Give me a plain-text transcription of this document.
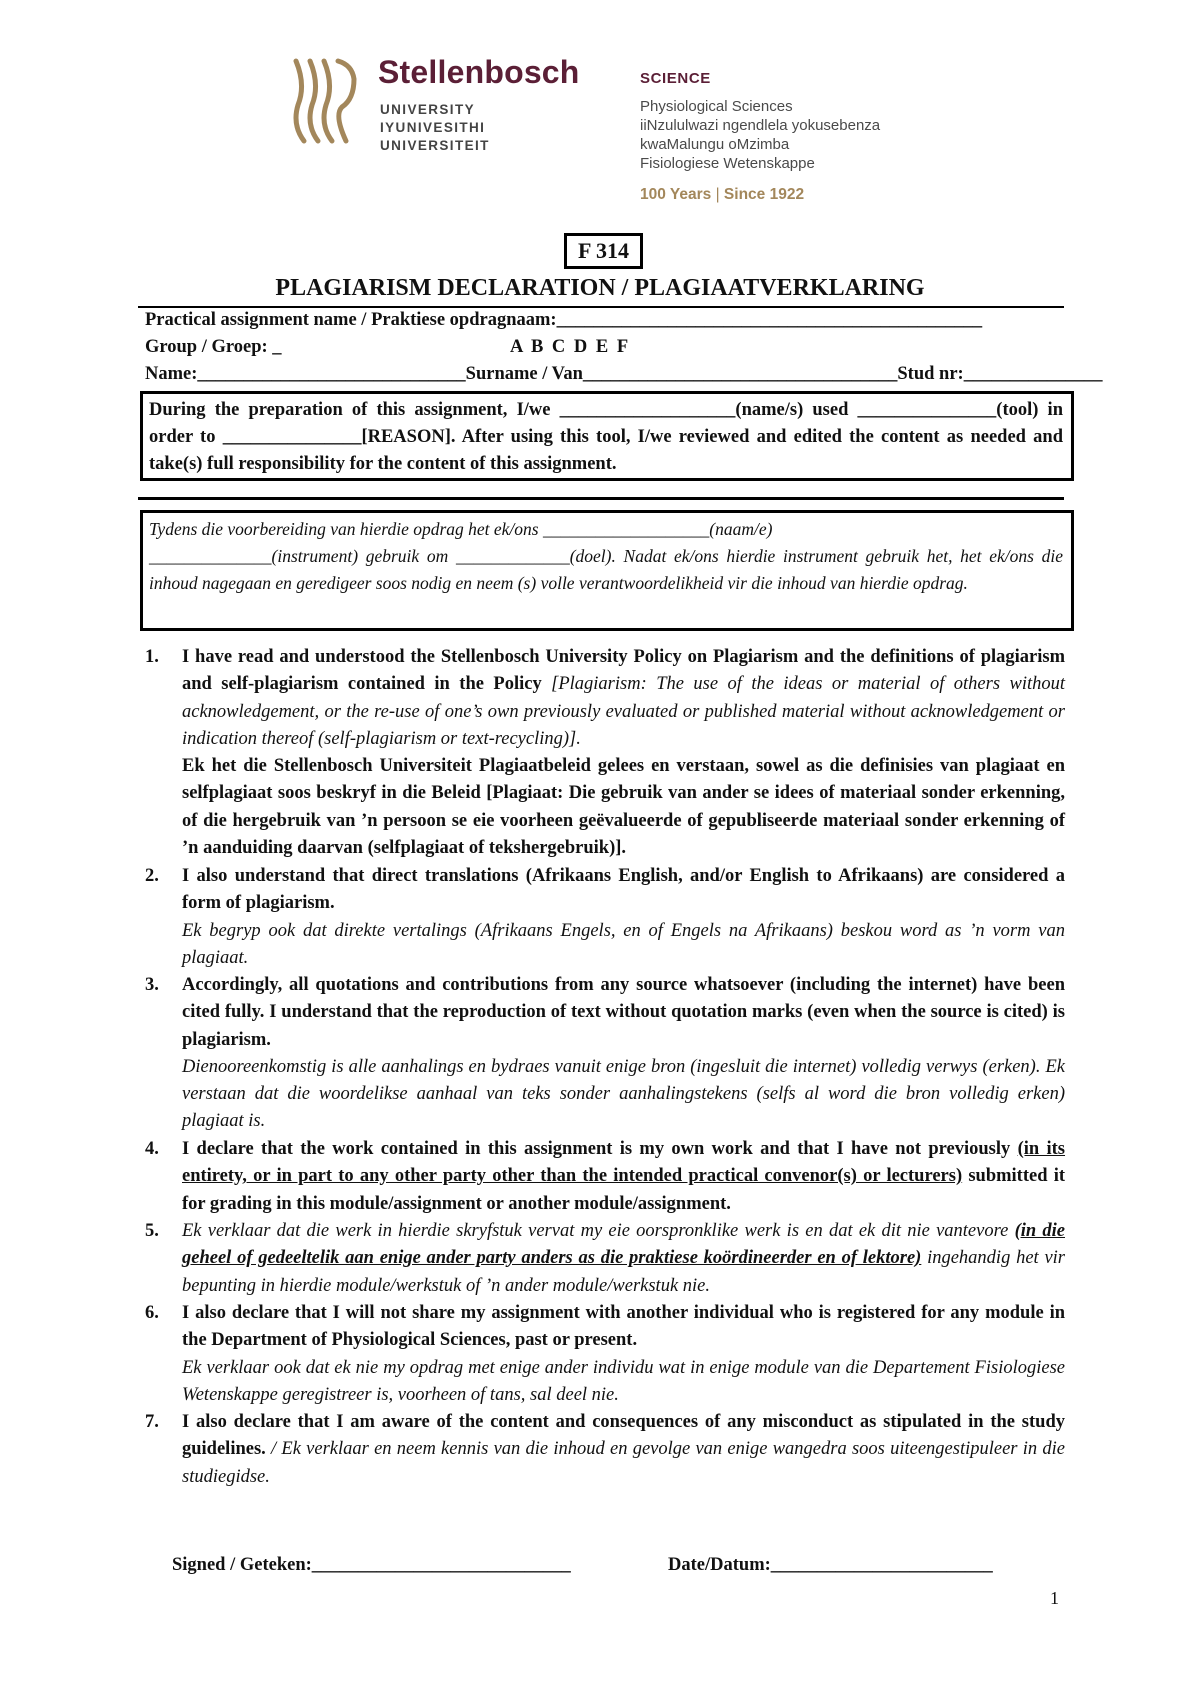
Stellenbosch
UNIVERSITY
IYUNIVESITHI
UNIVERSITEIT
SCIENCE
Physiological Sciences
iiNzululwazi ngendlela yokusebenza
kwaMalungu oMzimba
Fisiologiese Wetenskappe
100 Years | Since 1922
F 314
PLAGIARISM DECLARATION / PLAGIAATVERKLARING
Practical assignment name / Praktiese opdragnaam:______________________________________________
Group / Groep: _	A B C D E F
Name:_____________________________Surname / Van__________________________________Stud nr:_______________
During the preparation of this assignment, I/we ___________________(name/s) used _______________(tool) in order to _______________[REASON]. After using this tool, I/we reviewed and edited the content as needed and take(s) full responsibility for the content of this assignment.
Tydens die voorbereiding van hierdie opdrag het ek/ons ___________________(naam/e)
______________(instrument) gebruik om _____________(doel). Nadat ek/ons hierdie instrument gebruik het, het ek/ons die inhoud nagegaan en geredigeer soos nodig en neem (s) volle verantwoordelikheid vir die inhoud van hierdie opdrag.
1.	I have read and understood the Stellenbosch University Policy on Plagiarism and the definitions of plagiarism and self-plagiarism contained in the Policy [Plagiarism: The use of the ideas or material of others without acknowledgement, or the re-use of one’s own previously evaluated or published material without acknowledgement or indication thereof (self-plagiarism or text-recycling)].
Ek het die Stellenbosch Universiteit Plagiaatbeleid gelees en verstaan, sowel as die definisies van plagiaat en selfplagiaat soos beskryf in die Beleid [Plagiaat: Die gebruik van ander se idees of materiaal sonder erkenning, of die hergebruik van ’n persoon se eie voorheen geëvalueerde of gepubliseerde materiaal sonder erkenning of ’n aanduiding daarvan (selfplagiaat of tekshergebruik)].
2.	I also understand that direct translations (Afrikaans English, and/or English to Afrikaans) are considered a form of plagiarism.
Ek begryp ook dat direkte vertalings (Afrikaans Engels, en of Engels na Afrikaans) beskou word as ’n vorm van plagiaat.
3.	Accordingly, all quotations and contributions from any source whatsoever (including the internet) have been cited fully. I understand that the reproduction of text without quotation marks (even when the source is cited) is plagiarism.
Dienooreenkomstig is alle aanhalings en bydraes vanuit enige bron (ingesluit die internet) volledig verwys (erken). Ek verstaan dat die woordelikse aanhaal van teks sonder aanhalingstekens (selfs al word die bron volledig erken) plagiaat is.
4.	I declare that the work contained in this assignment is my own work and that I have not previously (in its entirety, or in part to any other party other than the intended practical convenor(s) or lecturers) submitted it for grading in this module/assignment or another module/assignment.
5.	Ek verklaar dat die werk in hierdie skryfstuk vervat my eie oorspronklike werk is en dat ek dit nie vantevore (in die geheel of gedeeltelik aan enige ander party anders as die praktiese koördineerder en of lektore) ingehandig het vir bepunting in hierdie module/werkstuk of ’n ander module/werkstuk nie.
6.	I also declare that I will not share my assignment with another individual who is registered for any module in the Department of Physiological Sciences, past or present.
Ek verklaar ook dat ek nie my opdrag met enige ander individu wat in enige module van die Departement Fisiologiese Wetenskappe geregistreer is, voorheen of tans, sal deel nie.
7.	I also declare that I am aware of the content and consequences of any misconduct as stipulated in the study guidelines. / Ek verklaar en neem kennis van die inhoud en gevolge van enige wangedra soos uiteengestipuleer in die studiegidse.
Signed / Geteken:____________________________	Date/Datum:________________________
1
